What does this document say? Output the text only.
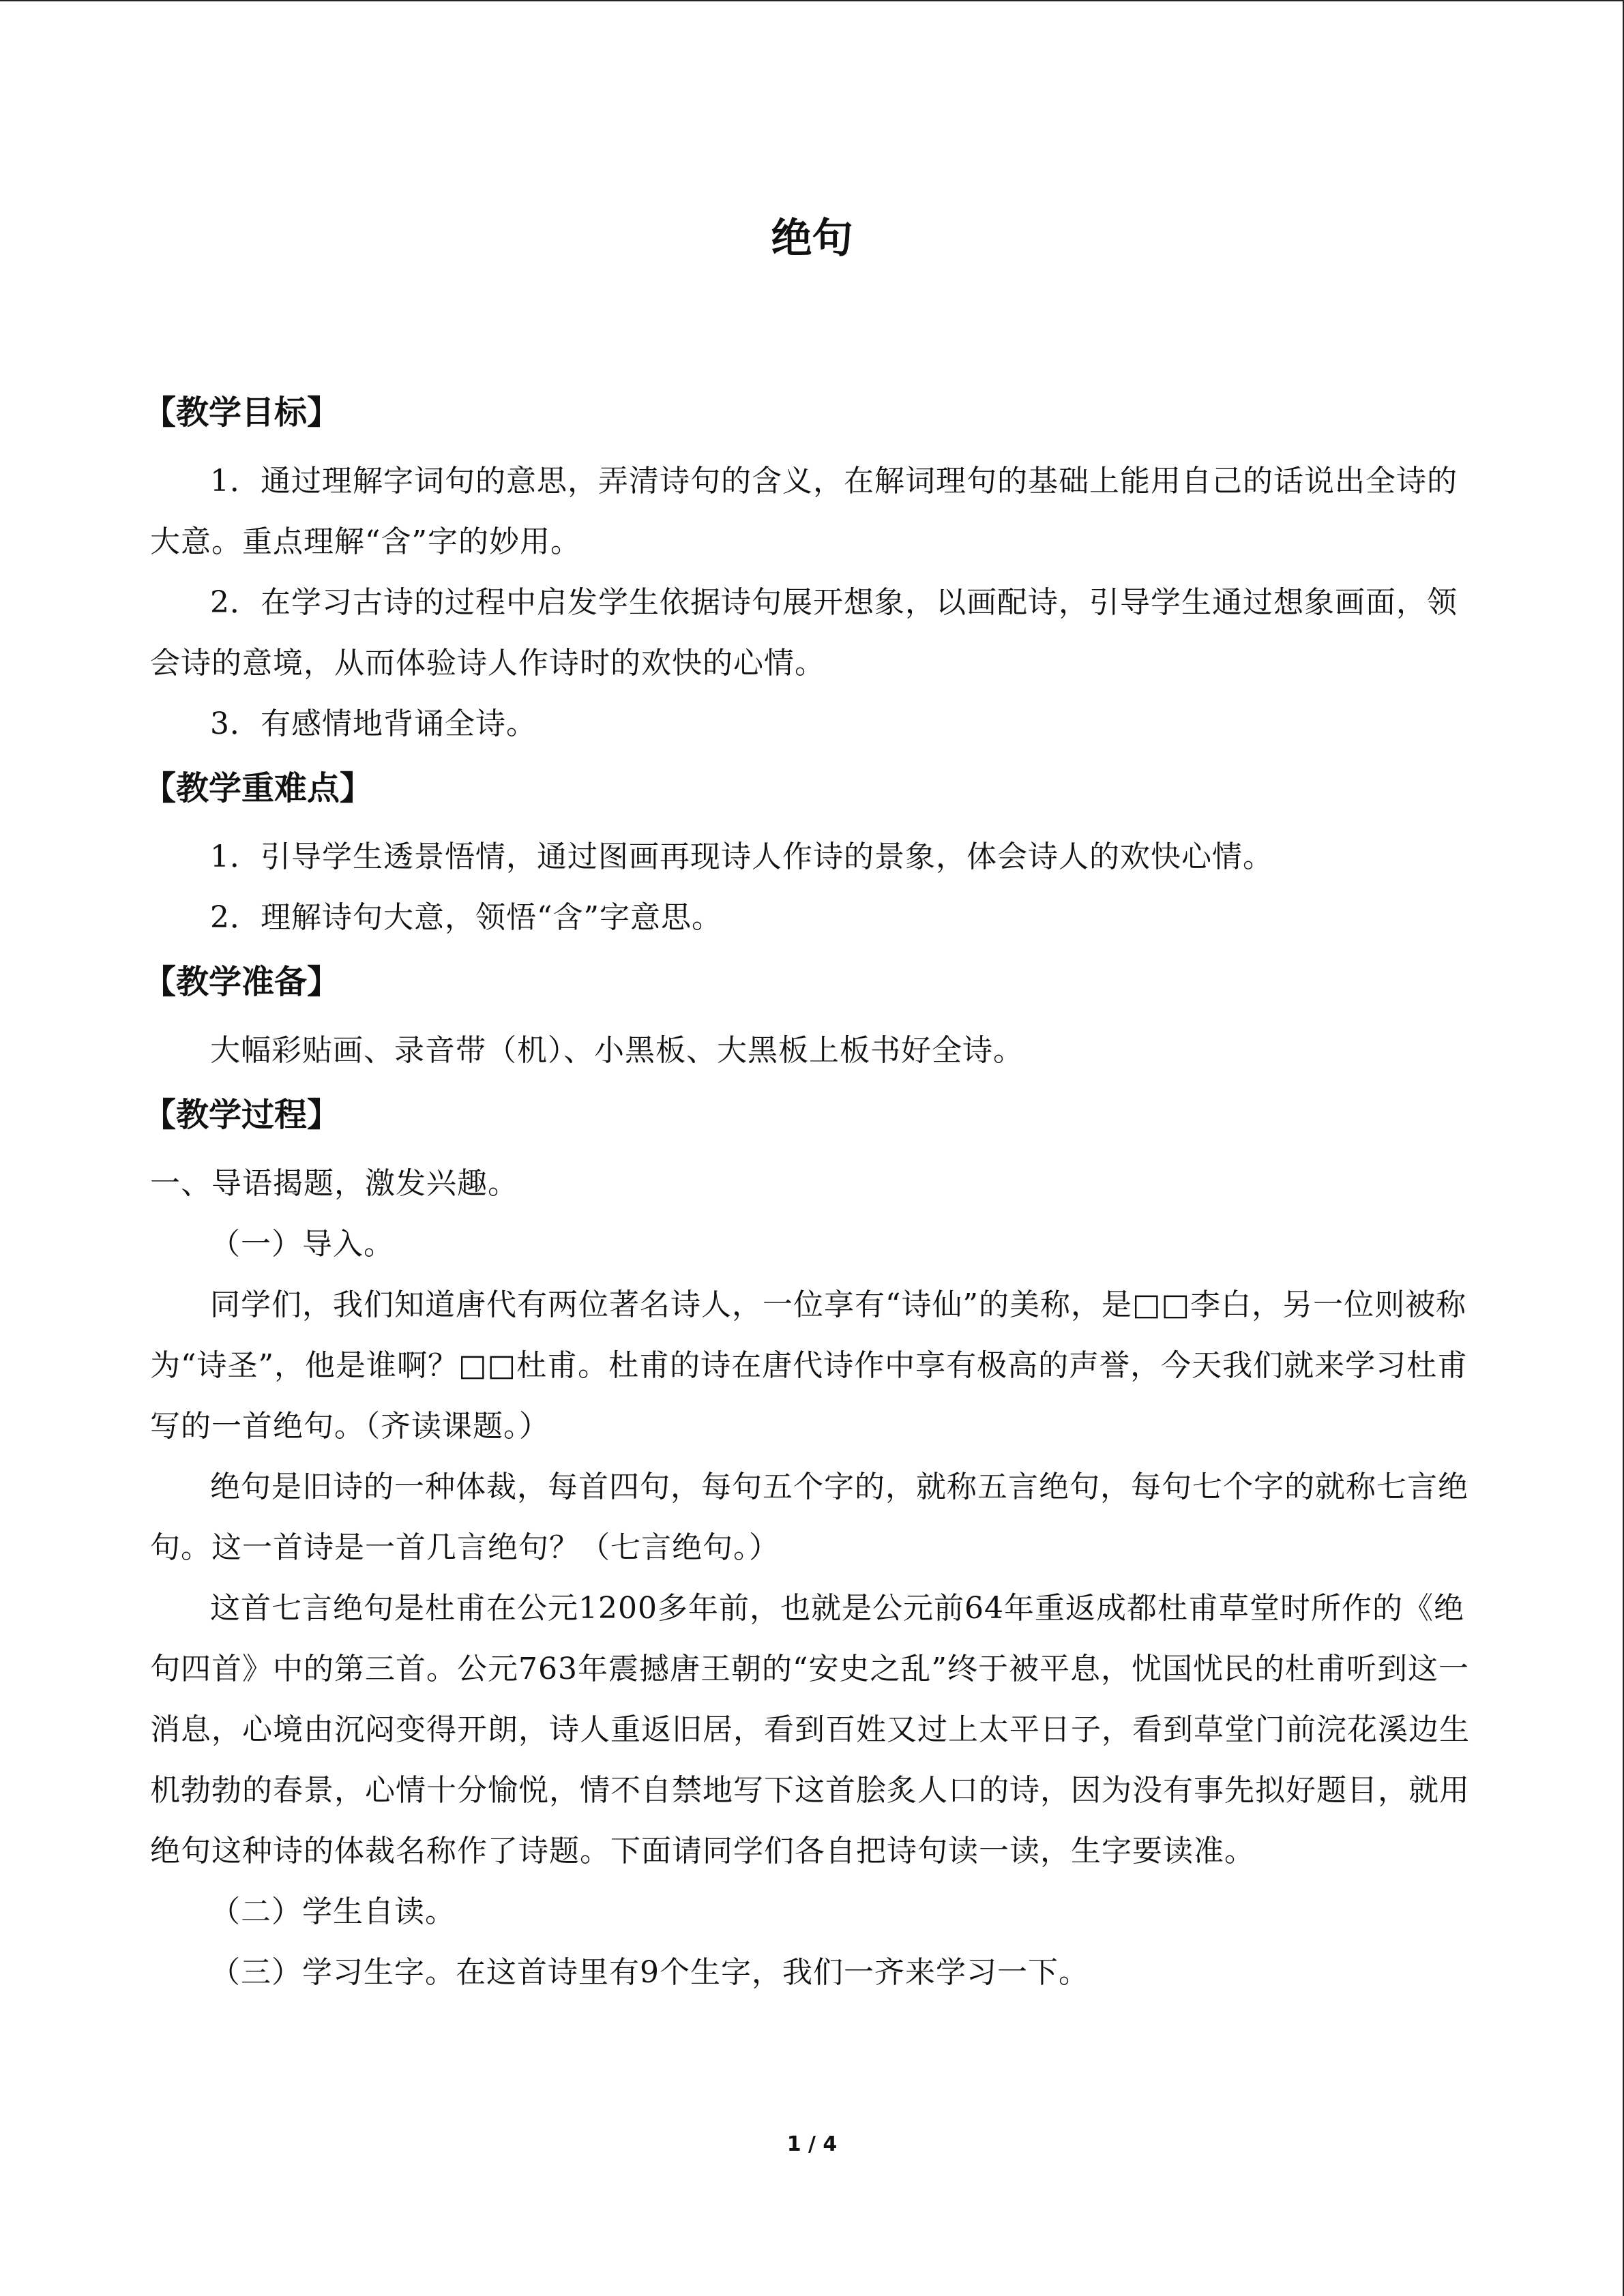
绝句
【教学目标】

1．通过理解字词句的意思，弄清诗句的含义，在解词理句的基础上能用自己的话说出全诗的大意。重点理解“含”字的妙用。

2．在学习古诗的过程中启发学生依据诗句展开想象，以画配诗，引导学生通过想象画面，领会诗的意境，从而体验诗人作诗时的欢快的心情。

3．有感情地背诵全诗。

【教学重难点】

1．引导学生透景悟情，通过图画再现诗人作诗的景象，体会诗人的欢快心情。

2．理解诗句大意，领悟“含”字意思。

【教学准备】

大幅彩贴画、录音带（机）、小黑板、大黑板上板书好全诗。

【教学过程】

一、导语揭题，激发兴趣。

（一）导入。

同学们，我们知道唐代有两位著名诗人，一位享有“诗仙”的美称，是□□李白，另一位则被称为“诗圣”，他是谁啊？□□杜甫。杜甫的诗在唐代诗作中享有极高的声誉，今天我们就来学习杜甫写的一首绝句。（齐读课题。）

绝句是旧诗的一种体裁，每首四句，每句五个字的，就称五言绝句，每句七个字的就称七言绝句。这一首诗是一首几言绝句？（七言绝句。）

这首七言绝句是杜甫在公元1200多年前，也就是公元前64年重返成都杜甫草堂时所作的《绝句四首》中的第三首。公元763年震撼唐王朝的“安史之乱”终于被平息，忧国忧民的杜甫听到这一消息，心境由沉闷变得开朗，诗人重返旧居，看到百姓又过上太平日子，看到草堂门前浣花溪边生机勃勃的春景，心情十分愉悦，情不自禁地写下这首脍炙人口的诗，因为没有事先拟好题目，就用绝句这种诗的体裁名称作了诗题。下面请同学们各自把诗句读一读，生字要读准。

（二）学生自读。

（三）学习生字。在这首诗里有9个生字，我们一齐来学习一下。

1 / 4
